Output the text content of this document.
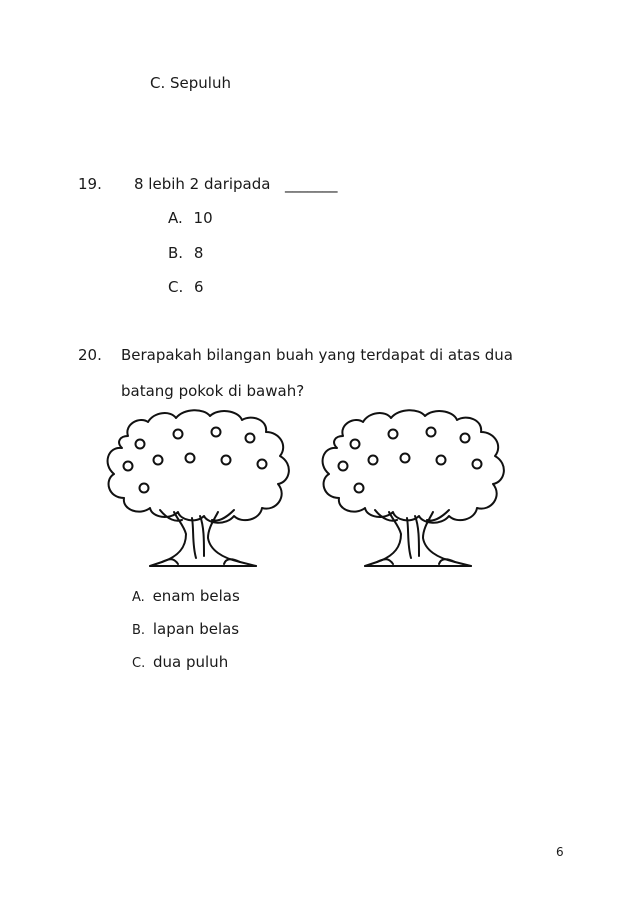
C. Sepuluh
19. 8 lebih 2 daripada _______
A. 10
B. 8
C. 6
20. Berapakah bilangan buah yang terdapat di atas dua
batang pokok di bawah?
A. enam belas
B. lapan belas
C. dua puluh
6
